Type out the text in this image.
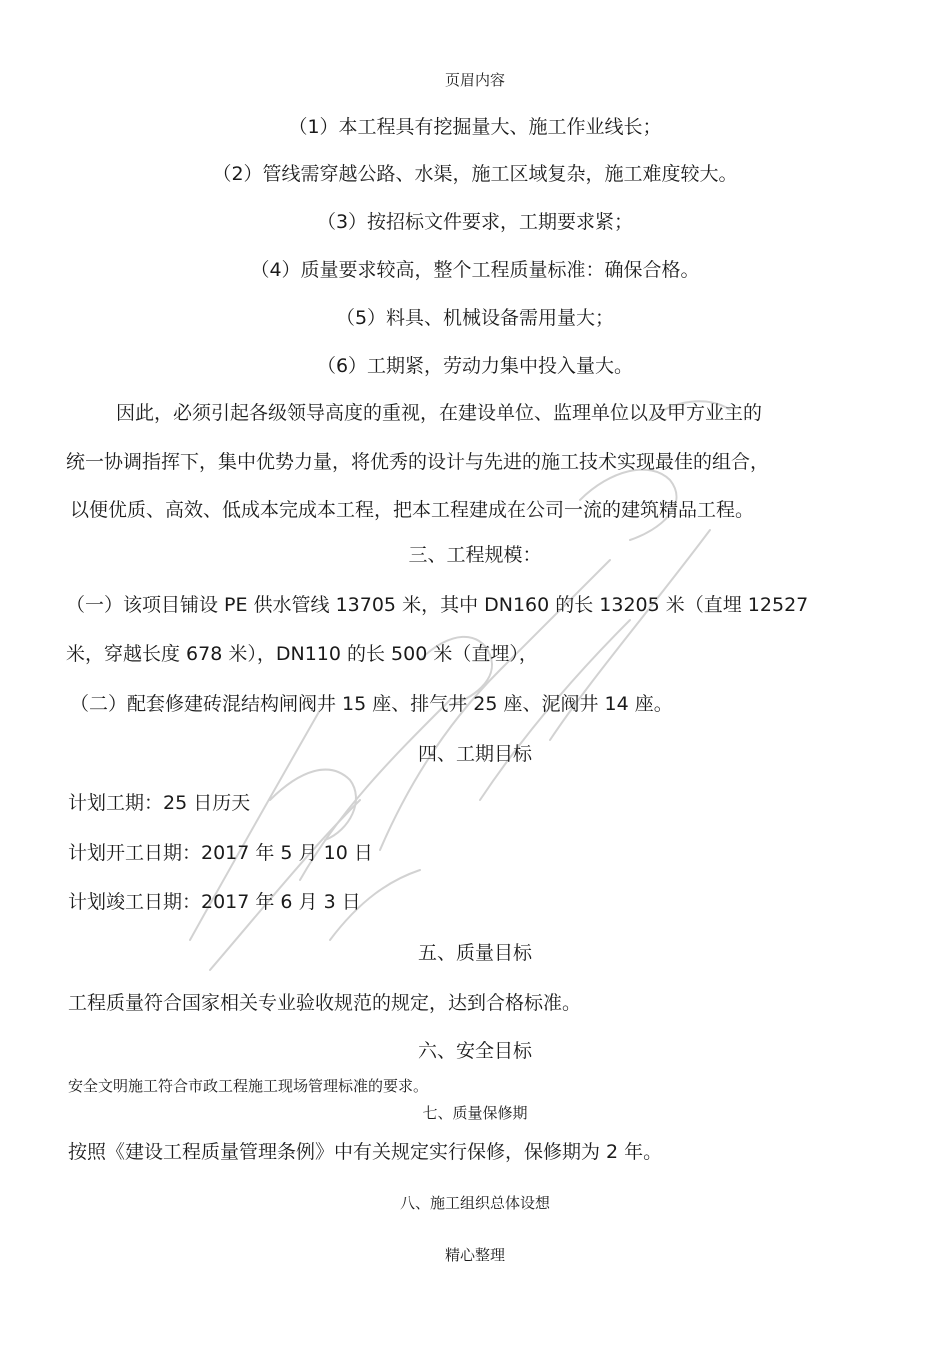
页眉内容
（1）本工程具有挖掘量大、施工作业线长；
（2）管线需穿越公路、水渠，施工区域复杂，施工难度较大。
（3）按招标文件要求，工期要求紧；
（4）质量要求较高，整个工程质量标准：确保合格。
（5）料具、机械设备需用量大；
（6）工期紧，劳动力集中投入量大。
因此，必须引起各级领导高度的重视，在建设单位、监理单位以及甲方业主的
统一协调指挥下，集中优势力量，将优秀的设计与先进的施工技术实现最佳的组合，
以便优质、高效、低成本完成本工程，把本工程建成在公司一流的建筑精品工程。
三、工程规模：
（一）该项目铺设 PE 供水管线 13705 米，其中 DN160 的长 13205 米（直埋 12527
米，穿越长度 678 米），DN110 的长 500 米（直埋），
（二）配套修建砖混结构闸阀井 15 座、排气井 25 座、泥阀井 14 座。
四、工期目标
计划工期：25 日历天
计划开工日期：2017 年 5 月 10 日
计划竣工日期：2017 年 6 月 3 日
五、质量目标
工程质量符合国家相关专业验收规范的规定，达到合格标准。
六、安全目标
安全文明施工符合市政工程施工现场管理标准的要求。
七、质量保修期
按照《建设工程质量管理条例》中有关规定实行保修，保修期为 2 年。
八、施工组织总体设想
精心整理
